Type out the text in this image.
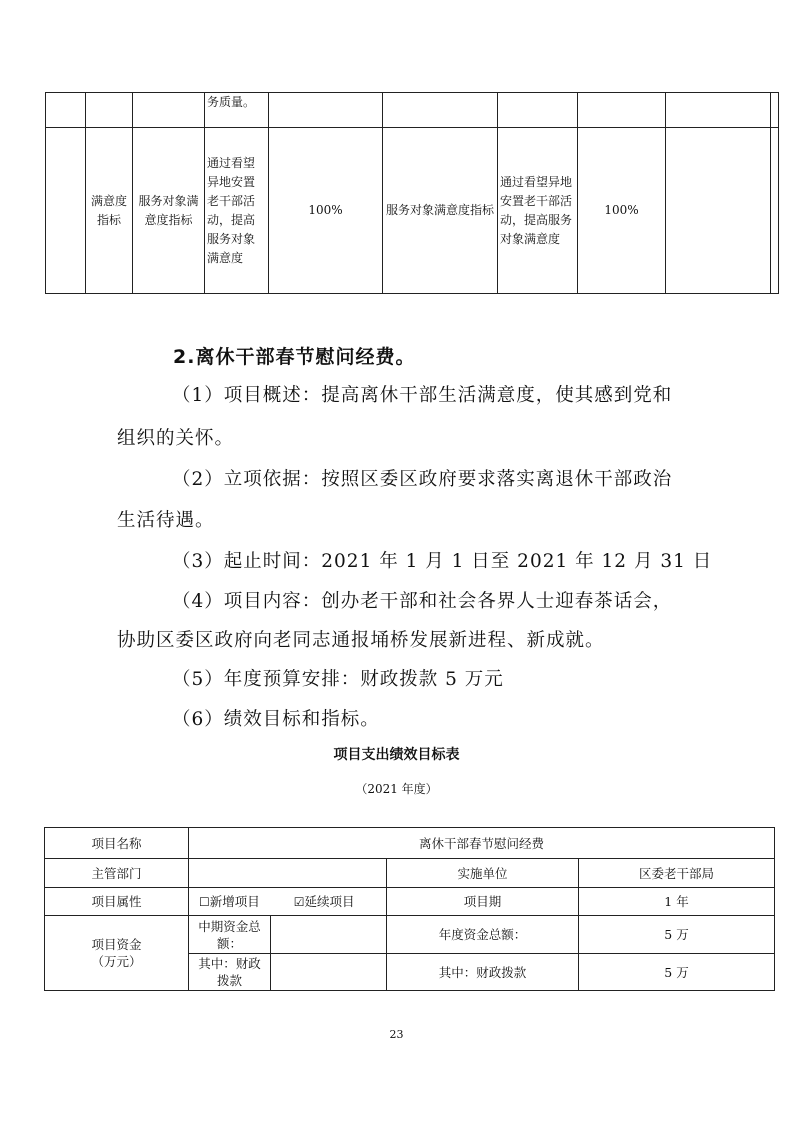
			务质量。						
	满意度指标	服务对象满意度指标	通过看望异地安置老干部活动，提高服务对象满意度	100%	服务对象满意度指标	通过看望异地安置老干部活动，提高服务对象满意度	100%		
2.离休干部春节慰问经费。
（1）项目概述：提高离休干部生活满意度，使其感到党和
组织的关怀。
（2）立项依据：按照区委区政府要求落实离退休干部政治
生活待遇。
（3）起止时间：2021 年 1 月 1 日至 2021 年 12 月 31 日
（4）项目内容：创办老干部和社会各界人士迎春茶话会，
协助区委区政府向老同志通报埇桥发展新进程、新成就。
（5）年度预算安排：财政拨款 5 万元
（6）绩效目标和指标。
项目支出绩效目标表
（2021 年度）
项目名称	离休干部春节慰问经费			
主管部门			实施单位	区委老干部局
项目属性	☐新增项目 ☑延续项目		项目期	1 年

项目资金
（万元）	中期资金总额：		年度资金总额：	5 万
	其中：财政拨款		其中：财政拨款	5 万
23
